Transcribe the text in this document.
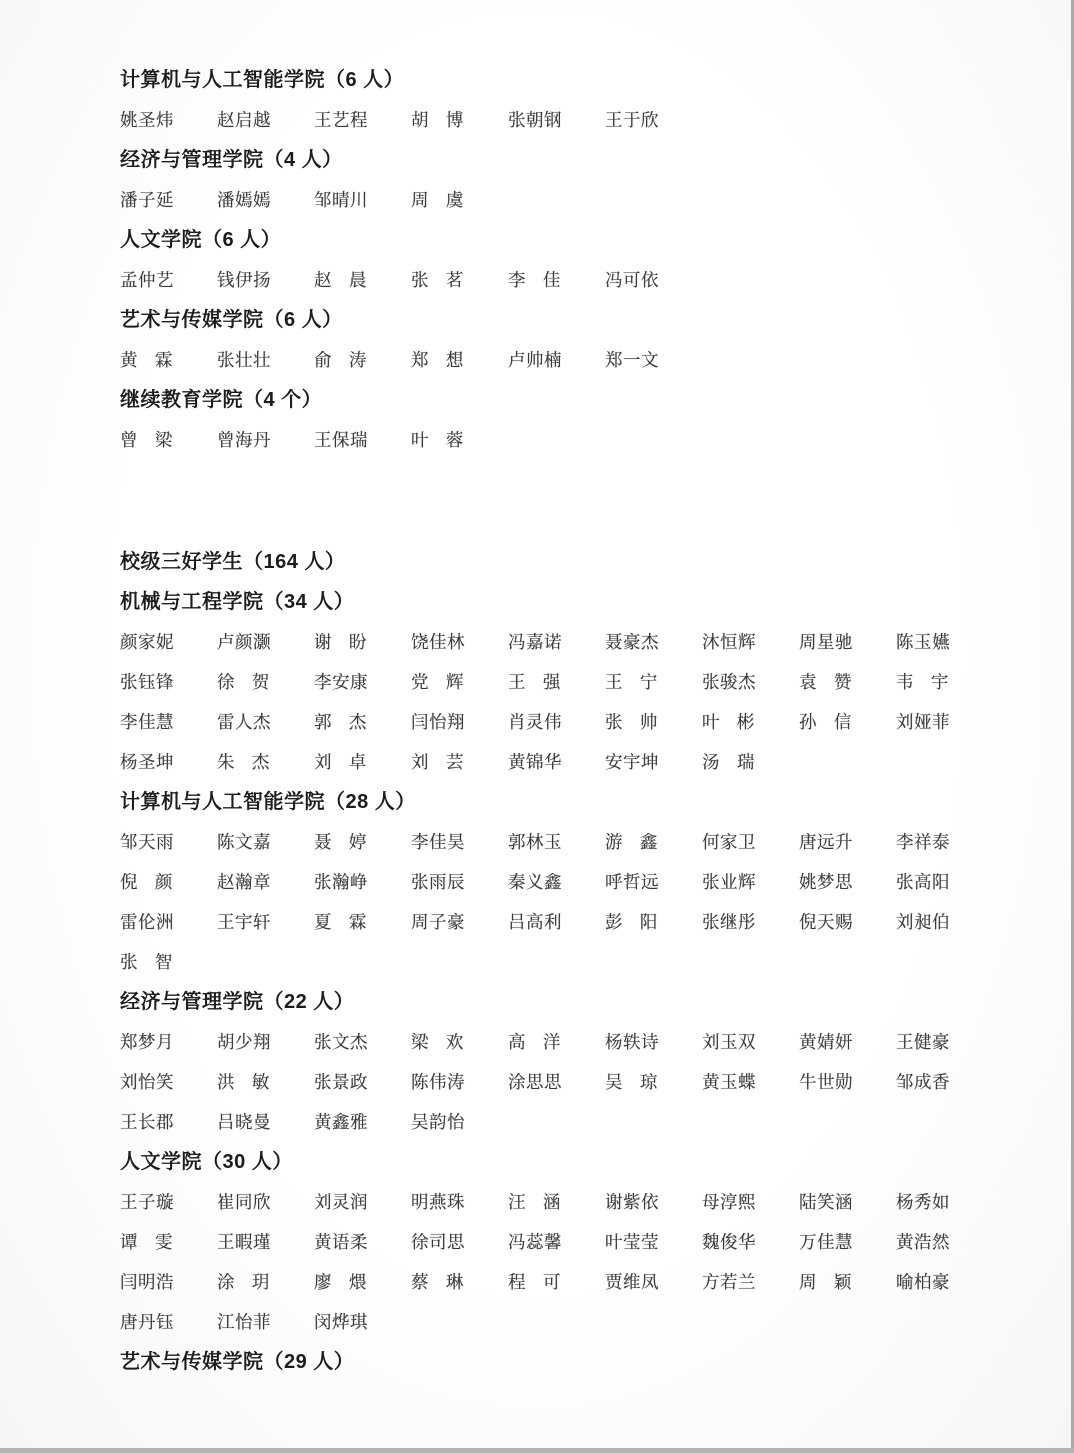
计算机与人工智能学院（6 人）
姚圣炜 赵启越 王艺程 胡 博	张朝钢 王于欣
经济与管理学院（4 人）
潘子延 潘嫣嫣 邹晴川 周 虞
人文学院（6 人）
孟仲艺 钱伊扬 赵 晨	张 茗	李 佳	冯可依
艺术与传媒学院（6 人）
黄 霖	张壮壮 俞 涛	郑 想	卢帅楠 郑一文
继续教育学院（4 个）
曾 梁	曾海丹 王保瑞 叶 蓉
校级三好学生（164 人）
机械与工程学院（34 人）
颜家妮 卢颜灏 谢 盼	饶佳林 冯嘉诺 聂豪杰 沐恒辉 周星驰 陈玉嬿
张钰锋 徐 贺	李安康 党 辉	王 强	王 宁	张骏杰 袁 赞	韦 宇
李佳慧 雷人杰 郭 杰	闫怡翔 肖灵伟 张 帅	叶 彬	孙 信	刘娅菲
杨圣坤 朱 杰	刘 卓	刘 芸	黄锦华 安宇坤 汤 瑞
计算机与人工智能学院（28 人）
邹天雨 陈文嘉 聂 婷	李佳昊 郭林玉 游 鑫	何家卫 唐远升 李祥泰
倪 颜	赵瀚章 张瀚峥 张雨辰 秦义鑫 呼哲远 张业辉 姚梦思 张高阳
雷伦洲 王宇轩 夏 霖	周子豪 吕高利 彭 阳	张继彤 倪天赐 刘昶伯
张 智
经济与管理学院（22 人）
郑梦月 胡少翔 张文杰 梁 欢	高 洋	杨轶诗 刘玉双 黄婧妍 王健豪
刘怡笑 洪 敏	张景政 陈伟涛 涂思思 吴 琼	黄玉蝶 牛世勋 邹成香
王长郡 吕晓曼 黄鑫雅 吴韵怡
人文学院（30 人）
王子璇 崔同欣 刘灵润 明燕珠 汪 涵	谢紫依 母淳熙 陆笑涵 杨秀如
谭 雯	王暇瑾 黄语柔 徐司思 冯蕊馨 叶莹莹 魏俊华 万佳慧 黄浩然
闫明浩 涂 玥	廖 煨	蔡 琳	程 可	贾维凤 方若兰 周 颖	喻柏豪
唐丹钰 江怡菲 闵烨琪
艺术与传媒学院（29 人）
